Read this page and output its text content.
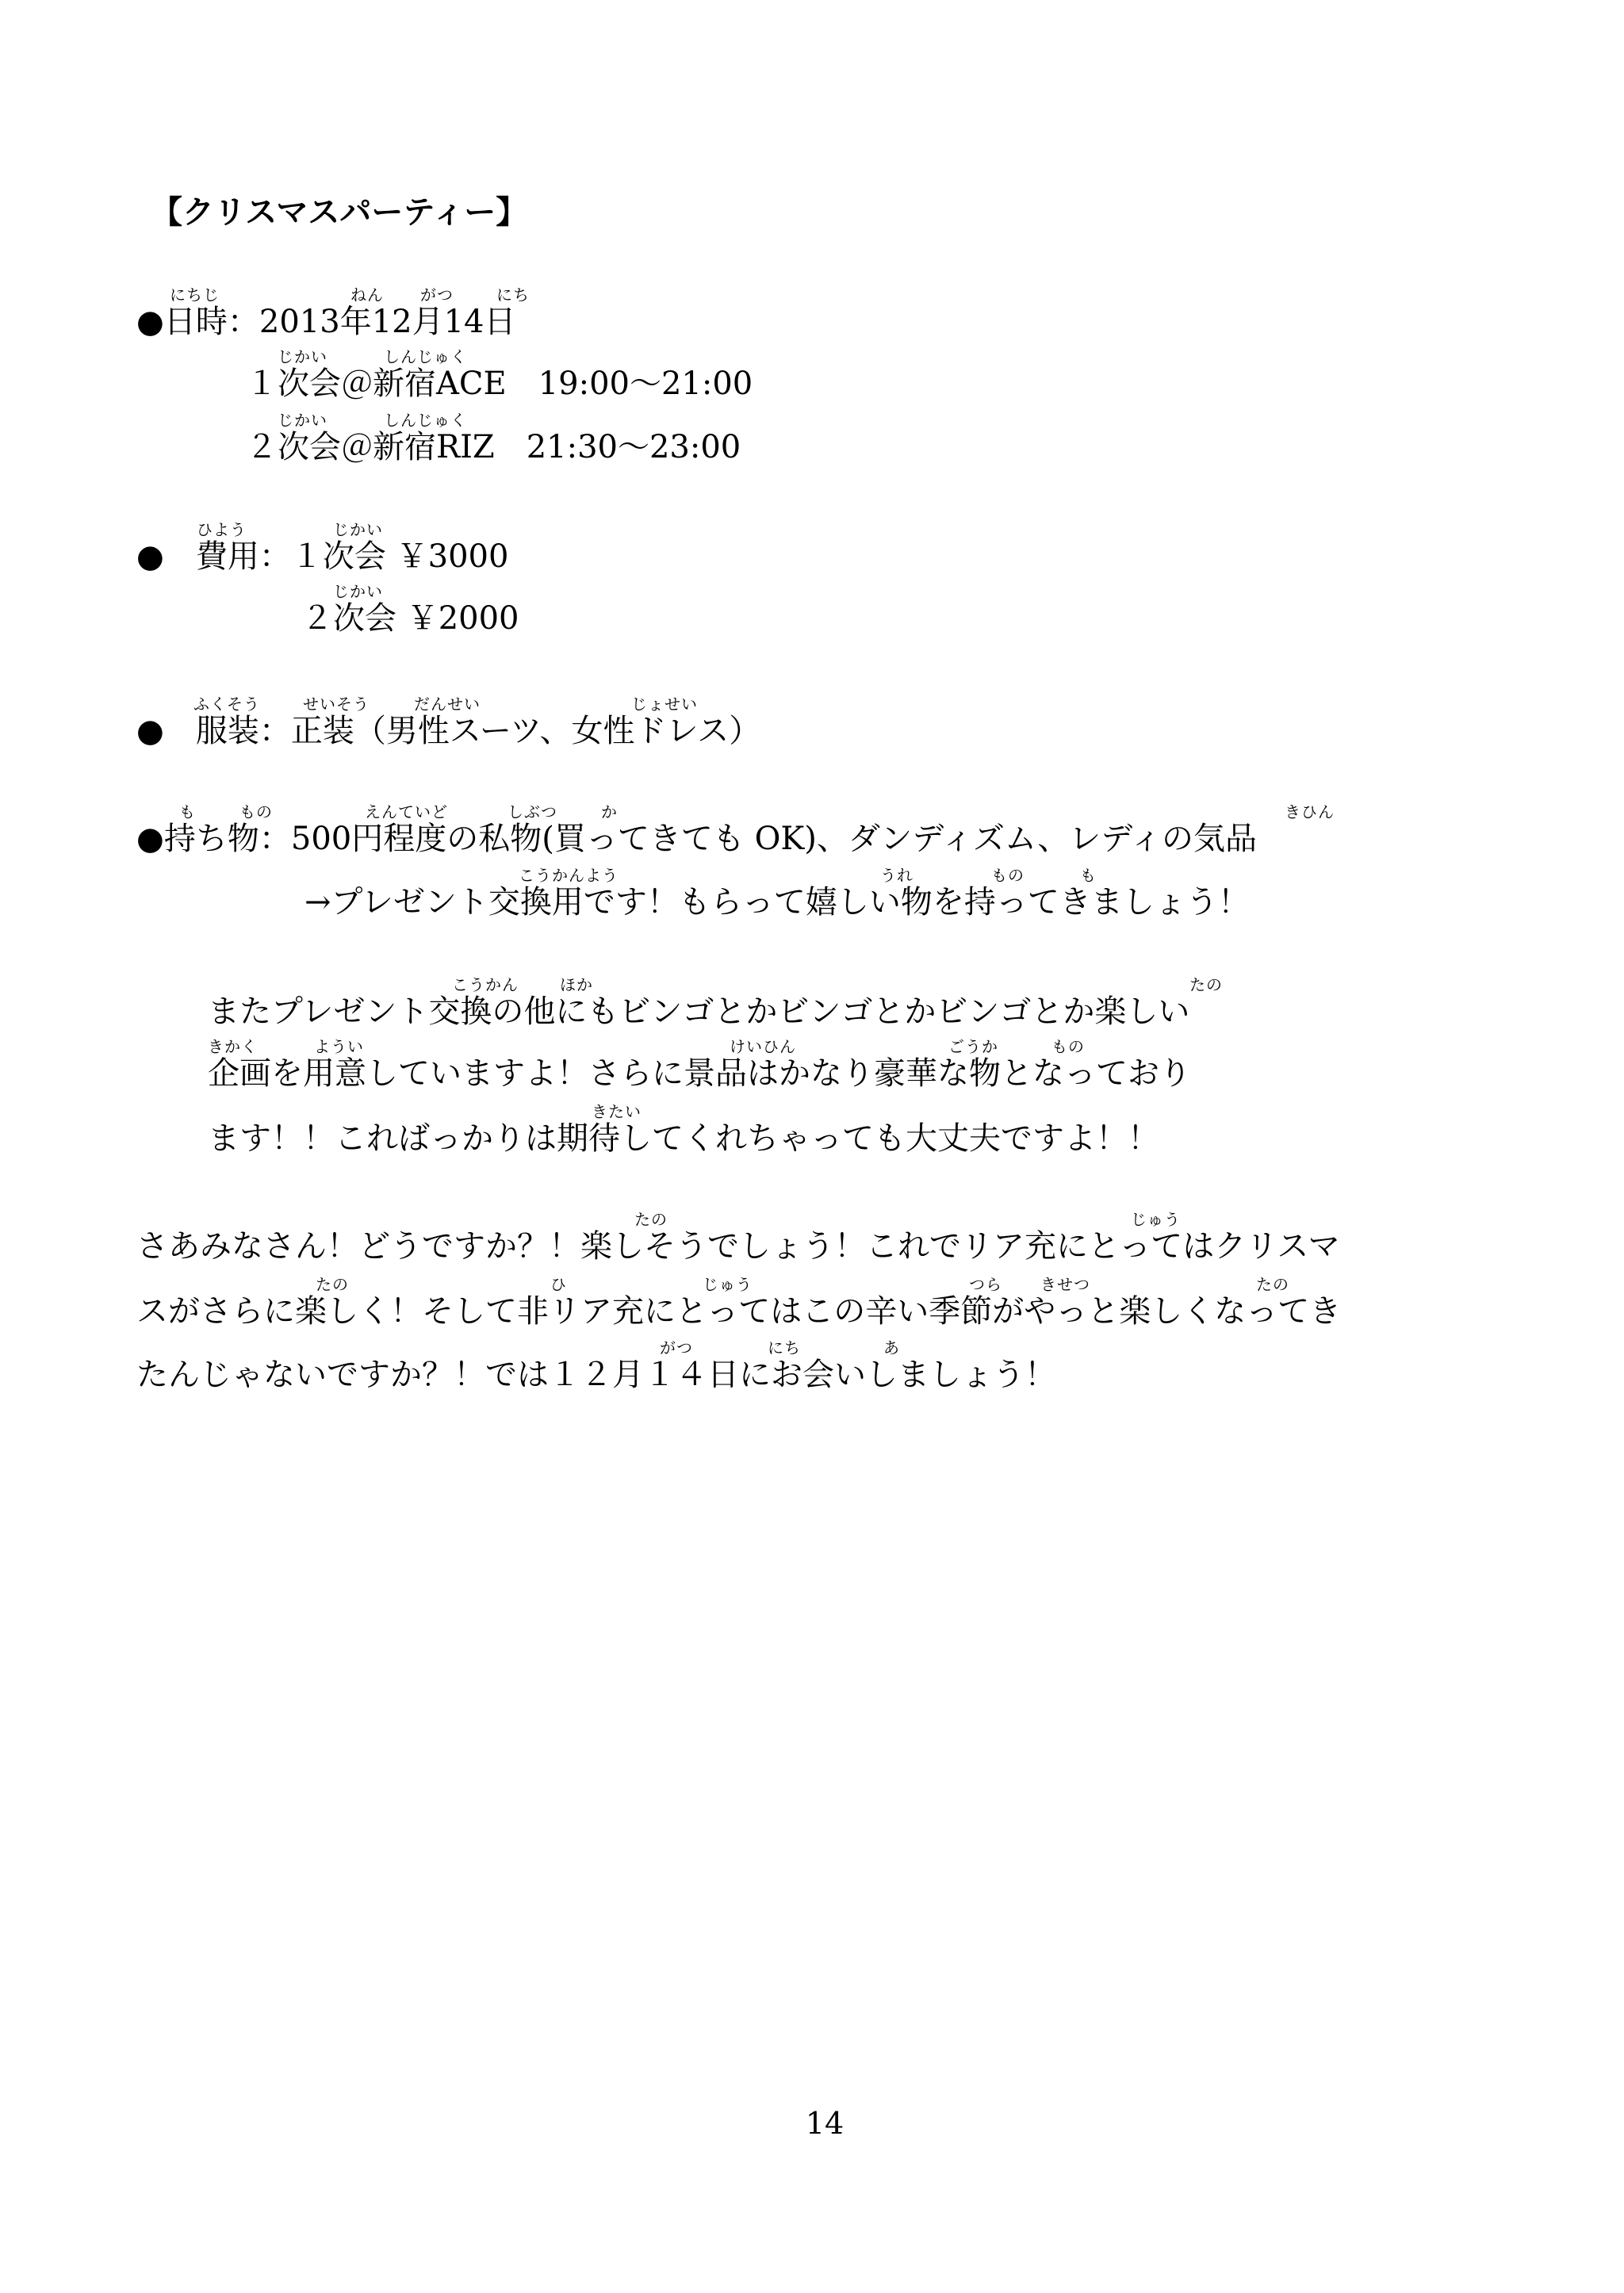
【クリスマスパーティー】
にちじ	ねん がつ	にち
●日時：2013年12月14日
じかい	しんじゅく
１次会＠新宿ACE　19:00～21:00
じかい	しんじゅく
２次会＠新宿RIZ　21:30～23:00
ひよう	じかい
●　費用：１次会 ￥3000
じかい
２次会 ￥2000
ふくそう	せいそう	だんせい	じょせい
●　服装：正装（男性スーツ、女性ドレス）
も	もの	えんていど	しぶつ	か	きひん
●持ち物：500円程度の私物(買ってきても OK)、ダンディズム、レディの気品
こうかんよう	うれ	もの	も
→プレゼント交換用です！もらって嬉しい物を持ってきましょう！
こうかん	ほか	たの
またプレゼント交換の他にもビンゴとかビンゴとかビンゴとか楽しい
きかく	ようい	けいひん	ごうか	もの
企画を用意していますよ！さらに景品はかなり豪華な物となっており
きたい
ます！！こればっかりは期待してくれちゃっても大丈夫ですよ！！
たの	じゅう
さあみなさん！どうですか？！楽しそうでしょう！これでリア充にとってはクリスマ
たの	ひ	じゅう	つら きせつ	たの
スがさらに楽しく！そして非リア充にとってはこの辛い季節がやっと楽しくなってき
がつ	にち	あ
たんじゃないですか？！では１２月１４日にお会いしましょう！
14
